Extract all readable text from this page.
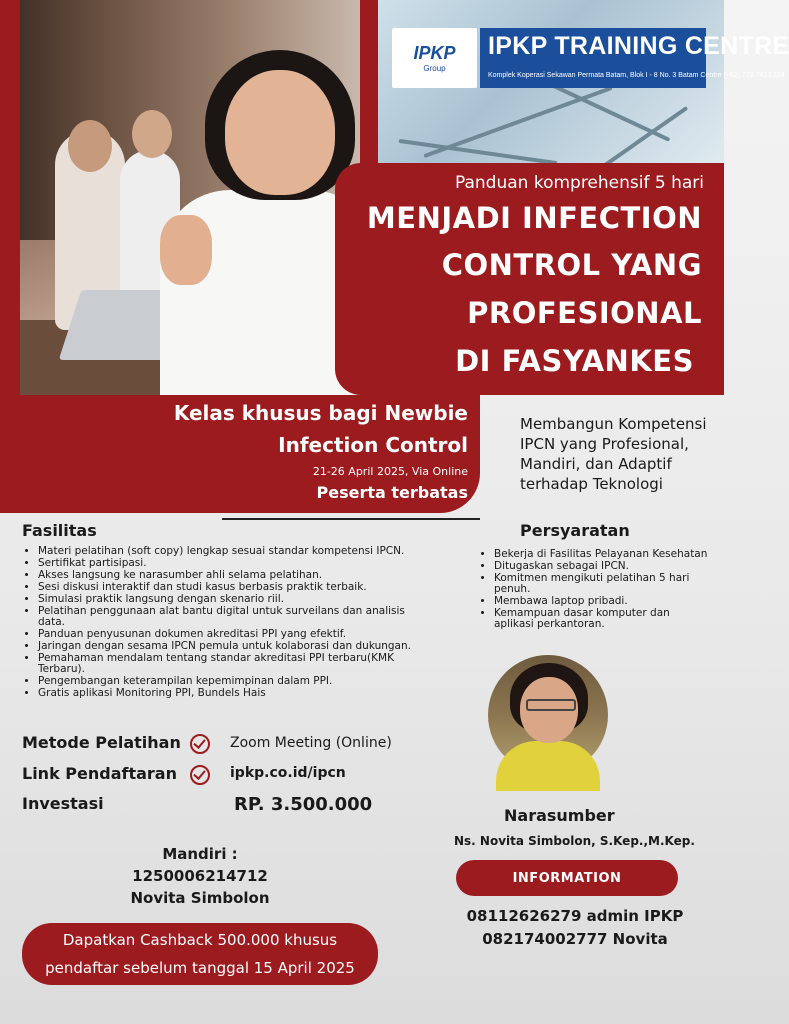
IPKP
Group
IPKP TRAINING CENTRE
Komplek Koperasi Sekawan Permata Batam, Blok I - 8 No. 3 Batam Centre (+62) 778 7413 324
Panduan komprehensif 5 hari
MENJADI INFECTION
CONTROL YANG
PROFESIONAL
DI FASYANKES
Kelas khusus bagi Newbie
Infection Control
21-26 April 2025, Via Online
Peserta terbatas
Membangun Kompetensi IPCN yang Profesional, Mandiri, dan Adaptif terhadap Teknologi
Fasilitas
• Materi pelatihan (soft copy) lengkap sesuai standar kompetensi IPCN.
• Sertifikat partisipasi.
• Akses langsung ke narasumber ahli selama pelatihan.
• Sesi diskusi interaktif dan studi kasus berbasis praktik terbaik.
• Simulasi praktik langsung dengan skenario riil.
• Pelatihan penggunaan alat bantu digital untuk surveilans dan analisis data.
• Panduan penyusunan dokumen akreditasi PPI yang efektif.
• Jaringan dengan sesama IPCN pemula untuk kolaborasi dan dukungan.
• Pemahaman mendalam tentang standar akreditasi PPI terbaru(KMK Terbaru).
• Pengembangan keterampilan kepemimpinan dalam PPI.
• Gratis aplikasi Monitoring PPI, Bundels Hais
Persyaratan
• Bekerja di Fasilitas Pelayanan Kesehatan
• Ditugaskan sebagai IPCN.
• Komitmen mengikuti pelatihan 5 hari penuh.
• Membawa laptop pribadi.
• Kemampuan dasar komputer dan aplikasi perkantoran.
Metode Pelatihan	Zoom Meeting (Online)
Link Pendaftaran	ipkp.co.id/ipcn
Investasi	RP. 3.500.000
Mandiri :
1250006214712
Novita Simbolon
Dapatkan Cashback 500.000 khusus
pendaftar sebelum tanggal 15 April 2025
Narasumber
Ns. Novita Simbolon, S.Kep.,M.Kep.
INFORMATION
08112626279 admin IPKP
082174002777 Novita
